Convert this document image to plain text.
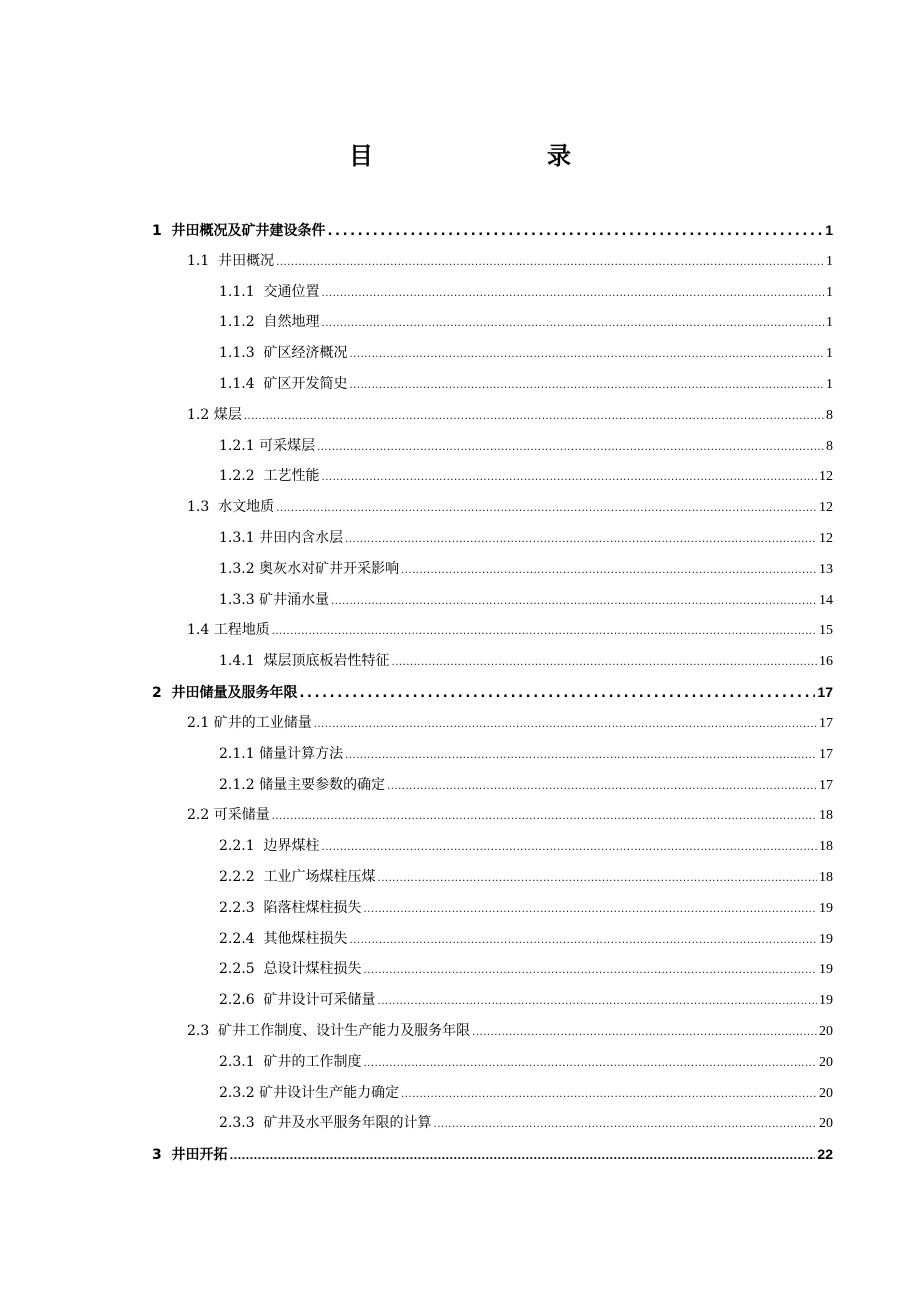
目　　录
1  井田概况及矿井建设条件 .....	1
1.1  井田概况 .....	1
1.1.1  交通位置 .....	1
1.1.2  自然地理 .....	1
1.1.3  矿区经济概况 .....	1
1.1.4  矿区开发简史 .....	1
1.2 煤层 .....	8
1.2.1 可采煤层 .....	8
1.2.2  工艺性能 .....	12
1.3  水文地质 .....	12
1.3.1 井田内含水层 .....	12
1.3.2 奥灰水对矿井开采影响 .....	13
1.3.3 矿井涌水量 .....	14
1.4 工程地质 .....	15
1.4.1  煤层顶底板岩性特征 .....	16
2  井田储量及服务年限 .....	17
2.1 矿井的工业储量 .....	17
2.1.1 储量计算方法 .....	17
2.1.2 储量主要参数的确定 .....	17
2.2 可采储量 .....	18
2.2.1  边界煤柱 .....	18
2.2.2  工业广场煤柱压煤 .....	18
2.2.3  陷落柱煤柱损失 .....	19
2.2.4  其他煤柱损失 .....	19
2.2.5  总设计煤柱损失 .....	19
2.2.6  矿井设计可采储量 .....	19
2.3  矿井工作制度、设计生产能力及服务年限 .....	20
2.3.1  矿井的工作制度 .....	20
2.3.2 矿井设计生产能力确定 .....	20
2.3.3  矿井及水平服务年限的计算 .....	20
3  井田开拓 .....	22
